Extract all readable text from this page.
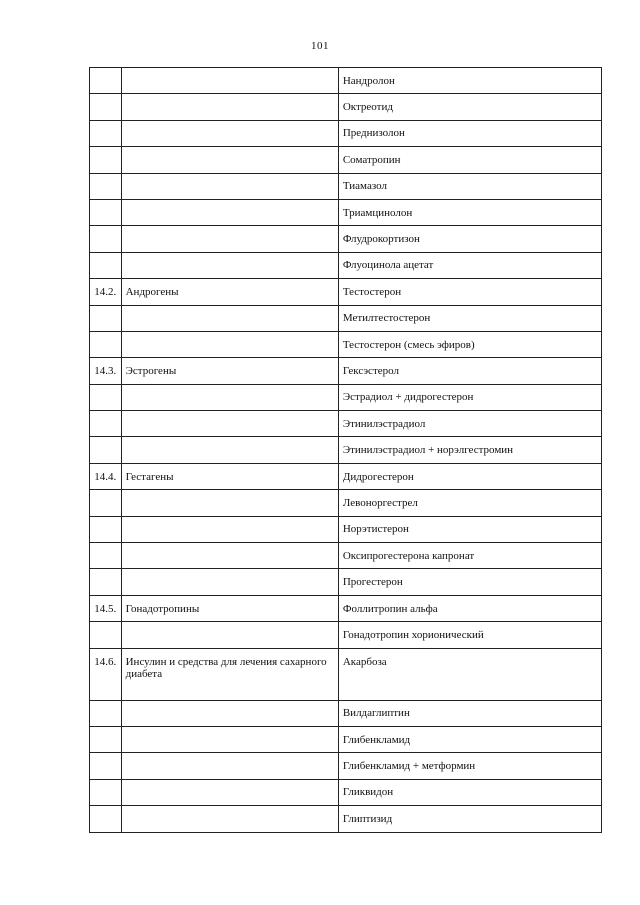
101
		Нандролон
		Октреотид
		Преднизолон
		Соматропин
		Тиамазол
		Триамцинолон
		Флудрокортизон
		Флуоцинола ацетат
14.2.	Андрогены	Тестостерон
		Метилтестостерон
		Тестостерон (смесь эфиров)
14.3.	Эстрогены	Гексэстерол
		Эстрадиол + дидрогестерон
		Этинилэстрадиол
		Этинилэстрадиол + норэлгестромин
14.4.	Гестагены	Дидрогестерон
		Левоноргестрел
		Норэтистерон
		Оксипрогестерона капронат
		Прогестерон
14.5.	Гонадотропины	Фоллитропин альфа
		Гонадотропин хорионический
14.6.	Инсулин и средства для лечения сахарного диабета	Акарбоза
		Вилдаглиптин
		Глибенкламид
		Глибенкламид + метформин
		Гликвидон
		Глиптизид
